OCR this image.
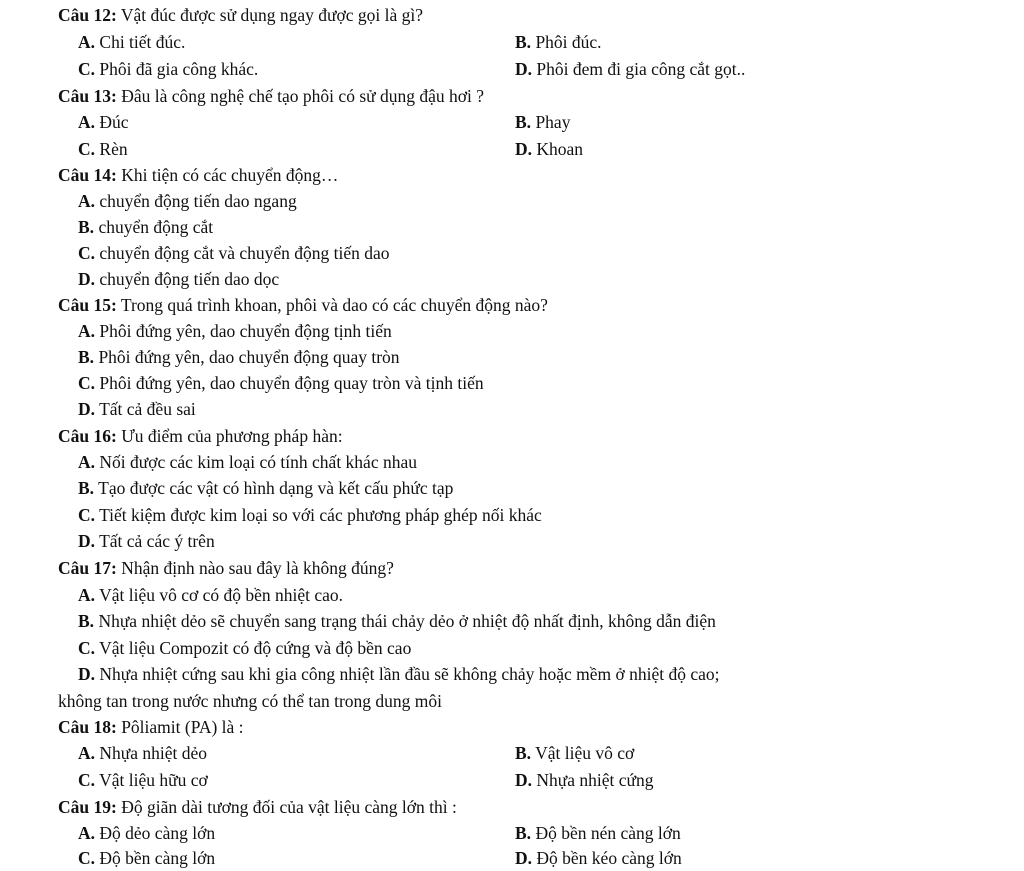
Câu 12: Vật đúc được sử dụng ngay được gọi là gì?
A. Chi tiết đúc.	B. Phôi đúc.
C. Phôi đã gia công khác.	D. Phôi đem đi gia công cắt gọt..
Câu 13: Đâu là công nghệ chế tạo phôi có sử dụng đậu hơi ?
A. Đúc	B. Phay
C. Rèn	D. Khoan
Câu 14: Khi tiện có các chuyển động…
A. chuyển động tiến dao ngang
B. chuyển động cắt
C. chuyển động cắt và chuyển động tiến dao
D. chuyển động tiến dao dọc
Câu 15: Trong quá trình khoan, phôi và dao có các chuyển động nào?
A. Phôi đứng yên, dao chuyển động tịnh tiến
B. Phôi đứng yên, dao chuyển động quay tròn
C. Phôi đứng yên, dao chuyển động quay tròn và tịnh tiến
D. Tất cả đều sai
Câu 16: Ưu điểm của phương pháp hàn:
A. Nối được các kim loại có tính chất khác nhau
B. Tạo được các vật có hình dạng và kết cấu phức tạp
C. Tiết kiệm được kim loại so với các phương pháp ghép nối khác
D. Tất cả các ý trên
Câu 17: Nhận định nào sau đây là không đúng?
A. Vật liệu vô cơ có độ bền nhiệt cao.
B. Nhựa nhiệt dẻo sẽ chuyển sang trạng thái chảy dẻo ở nhiệt độ nhất định, không dẫn điện
C. Vật liệu Compozit có độ cứng và độ bền cao
D. Nhựa nhiệt cứng sau khi gia công nhiệt lần đầu sẽ không chảy hoặc mềm ở nhiệt độ cao;
không tan trong nước nhưng có thể tan trong dung môi
Câu 18: Pôliamit (PA) là :
A. Nhựa nhiệt dẻo	B. Vật liệu vô cơ
C. Vật liệu hữu cơ	D. Nhựa nhiệt cứng
Câu 19: Độ giãn dài tương đối của vật liệu càng lớn thì :
A. Độ dẻo càng lớn	B. Độ bền nén càng lớn
C. Độ bền càng lớn	D. Độ bền kéo càng lớn
